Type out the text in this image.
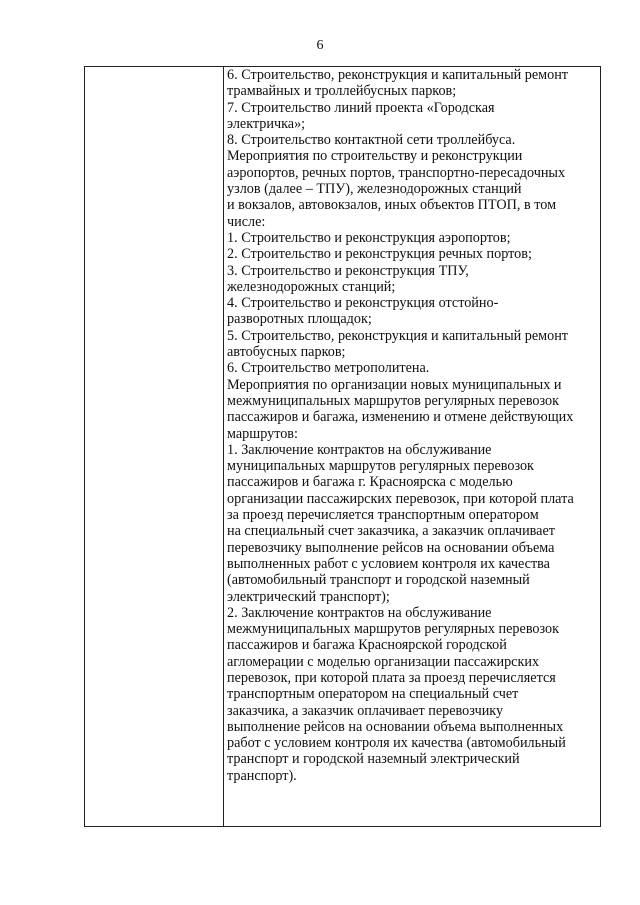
6
6. Строительство, реконструкция и капитальный ремонт
трамвайных и троллейбусных парков;
7. Строительство линий проекта «Городская
электричка»;
8. Строительство контактной сети троллейбуса.
Мероприятия по строительству и реконструкции
аэропортов, речных портов, транспортно-пересадочных
узлов (далее – ТПУ), железнодорожных станций
и вокзалов, автовокзалов, иных объектов ПТОП, в том
числе:
1. Строительство и реконструкция аэропортов;
2. Строительство и реконструкция речных портов;
3. Строительство и реконструкция ТПУ,
железнодорожных станций;
4. Строительство и реконструкция отстойно-
разворотных площадок;
5. Строительство, реконструкция и капитальный ремонт
автобусных парков;
6. Строительство метрополитена.
Мероприятия по организации новых муниципальных и
межмуниципальных маршрутов регулярных перевозок
пассажиров и багажа, изменению и отмене действующих
маршрутов:
1. Заключение контрактов на обслуживание
муниципальных маршрутов регулярных перевозок
пассажиров и багажа г. Красноярска с моделью
организации пассажирских перевозок, при которой плата
за проезд перечисляется транспортным оператором
на специальный счет заказчика, а заказчик оплачивает
перевозчику выполнение рейсов на основании объема
выполненных работ с условием контроля их качества
(автомобильный транспорт и городской наземный
электрический транспорт);
2. Заключение контрактов на обслуживание
межмуниципальных маршрутов регулярных перевозок
пассажиров и багажа Красноярской городской
агломерации с моделью организации пассажирских
перевозок, при которой плата за проезд перечисляется
транспортным оператором на специальный счет
заказчика, а заказчик оплачивает перевозчику
выполнение рейсов на основании объема выполненных
работ с условием контроля их качества (автомобильный
транспорт и городской наземный электрический
транспорт).
